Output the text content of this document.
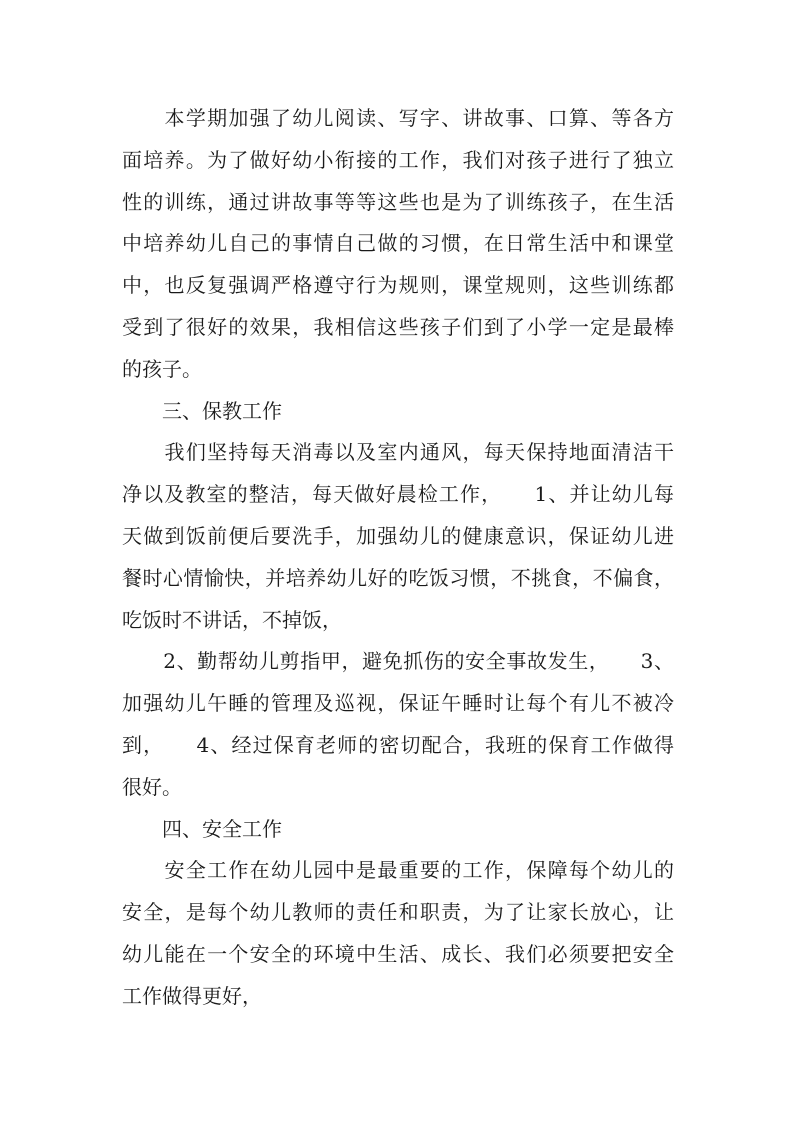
　　本学期加强了幼儿阅读、写字、讲故事、口算、等各方
面培养。为了做好幼小衔接的工作，我们对孩子进行了独立
性的训练，通过讲故事等等这些也是为了训练孩子，在生活
中培养幼儿自己的事情自己做的习惯，在日常生活中和课堂
中，也反复强调严格遵守行为规则，课堂规则，这些训练都
受到了很好的效果，我相信这些孩子们到了小学一定是最棒
的孩子。
　　三、保教工作
　　我们坚持每天消毒以及室内通风，每天保持地面清洁干
净以及教室的整洁，每天做好晨检工作，　　1、并让幼儿每
天做到饭前便后要洗手，加强幼儿的健康意识，保证幼儿进
餐时心情愉快，并培养幼儿好的吃饭习惯，不挑食，不偏食，
吃饭时不讲话，不掉饭，
　　2、勤帮幼儿剪指甲，避免抓伤的安全事故发生，　　3、
加强幼儿午睡的管理及巡视，保证午睡时让每个有儿不被冷
到，　　4、经过保育老师的密切配合，我班的保育工作做得
很好。
　　四、安全工作
　　安全工作在幼儿园中是最重要的工作，保障每个幼儿的
安全，是每个幼儿教师的责任和职责，为了让家长放心，让
幼儿能在一个安全的环境中生活、成长、我们必须要把安全
工作做得更好，
